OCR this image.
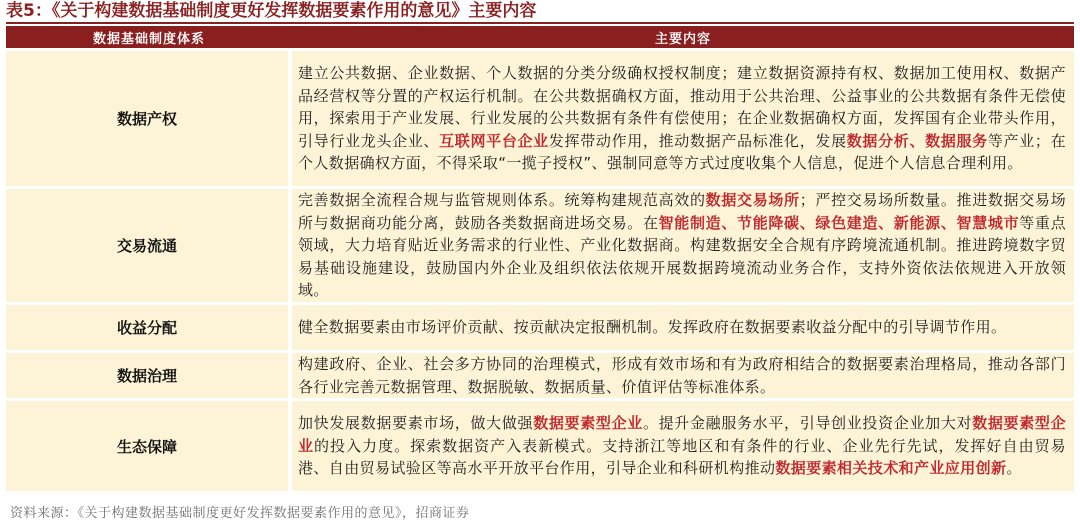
表5：《关于构建数据基础制度更好发挥数据要素作用的意见》主要内容
数据基础制度体系	主要内容

数据产权	建立公共数据、企业数据、个人数据的分类分级确权授权制度；建立数据资源持有权、数据加工使用权、数据产品经营权等分置的产权运行机制。在公共数据确权方面，推动用于公共治理、公益事业的公共数据有条件无偿使用，探索用于产业发展、行业发展的公共数据有条件有偿使用；在企业数据确权方面，发挥国有企业带头作用，引导行业龙头企业、互联网平台企业发挥带动作用，推动数据产品标准化，发展数据分析、数据服务等产业；在个人数据确权方面，不得采取“一揽子授权”、强制同意等方式过度收集个人信息，促进个人信息合理利用。

交易流通	完善数据全流程合规与监管规则体系。统筹构建规范高效的数据交易场所；严控交易场所数量。推进数据交易场所与数据商功能分离，鼓励各类数据商进场交易。在智能制造、节能降碳、绿色建造、新能源、智慧城市等重点领域，大力培育贴近业务需求的行业性、产业化数据商。构建数据安全合规有序跨境流通机制。推进跨境数字贸易基础设施建设，鼓励国内外企业及组织依法依规开展数据跨境流动业务合作，支持外资依法依规进入开放领域。

收益分配	健全数据要素由市场评价贡献、按贡献决定报酬机制。发挥政府在数据要素收益分配中的引导调节作用。

数据治理	构建政府、企业、社会多方协同的治理模式，形成有效市场和有为政府相结合的数据要素治理格局，推动各部门各行业完善元数据管理、数据脱敏、数据质量、价值评估等标准体系。

生态保障	加快发展数据要素市场，做大做强数据要素型企业。提升金融服务水平，引导创业投资企业加大对数据要素型企业的投入力度。探索数据资产入表新模式。支持浙江等地区和有条件的行业、企业先行先试，发挥好自由贸易港、自由贸易试验区等高水平开放平台作用，引导企业和科研机构推动数据要素相关技术和产业应用创新。
资料来源：《关于构建数据基础制度更好发挥数据要素作用的意见》，招商证券
